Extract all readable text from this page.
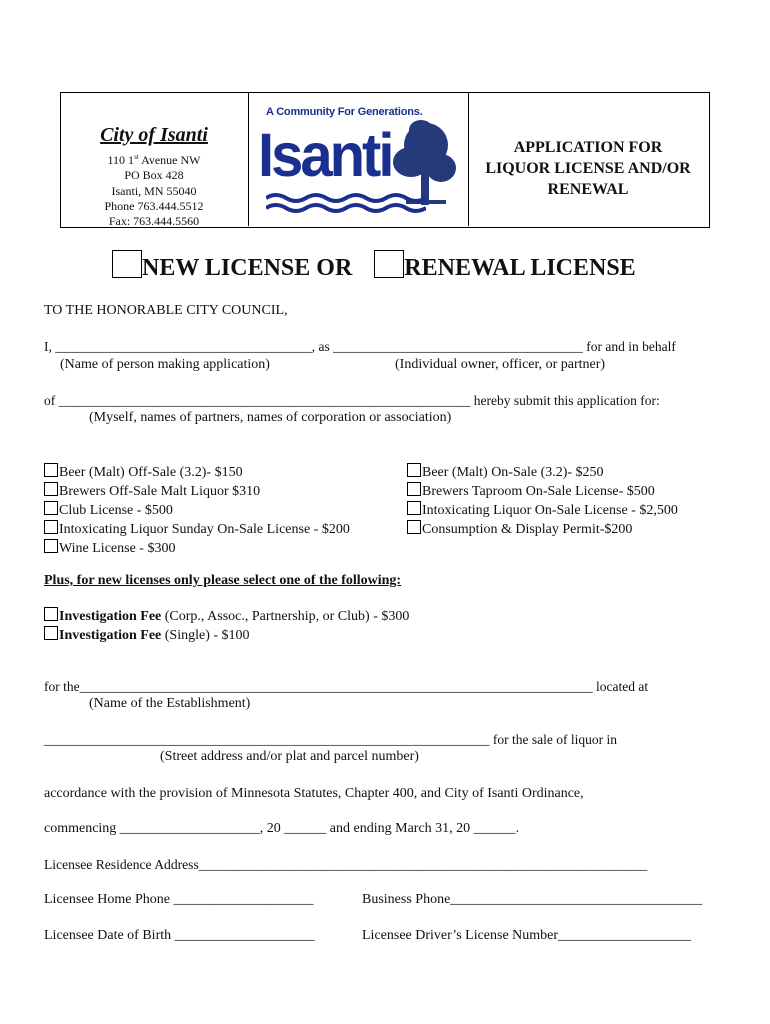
City of Isanti
110 1st Avenue NW
PO Box 428
Isanti, MN 55040
Phone 763.444.5512
Fax: 763.444.5560
A Community For Generations.
Isanti	APPLICATION FOR
LIQUOR LICENSE AND/OR
RENEWAL
NEW LICENSE OR RENEWAL LICENSE
TO THE HONORABLE CITY COUNCIL,
I, ______________________________________, as _____________________________________ for and in behalf
(Name of person making application)	(Individual owner, officer, or partner)
of _____________________________________________________________ hereby submit this application for:
(Myself, names of partners, names of corporation or association)
Beer (Malt) Off-Sale (3.2)- $150
Brewers Off-Sale Malt Liquor $310
Club License - $500
Intoxicating Liquor Sunday On-Sale License - $200
Wine License - $300
Beer (Malt) On-Sale (3.2)- $250
Brewers Taproom On-Sale License- $500
Intoxicating Liquor On-Sale License - $2,500
Consumption & Display Permit-$200
Plus, for new licenses only please select one of the following:
Investigation Fee (Corp., Assoc., Partnership, or Club) - $300
Investigation Fee (Single) - $100
for the____________________________________________________________________________ located at
(Name of the Establishment)
__________________________________________________________________ for the sale of liquor in
(Street address and/or plat and parcel number)
accordance with the provision of Minnesota Statutes, Chapter 400, and City of Isanti Ordinance,
commencing ____________________, 20 ______ and ending March 31, 20 ______.
Licensee Residence Address__________________________________________________________________
Licensee Home Phone ____________________	Business Phone____________________________________
Licensee Date of Birth ____________________	Licensee Driver’s License Number___________________
